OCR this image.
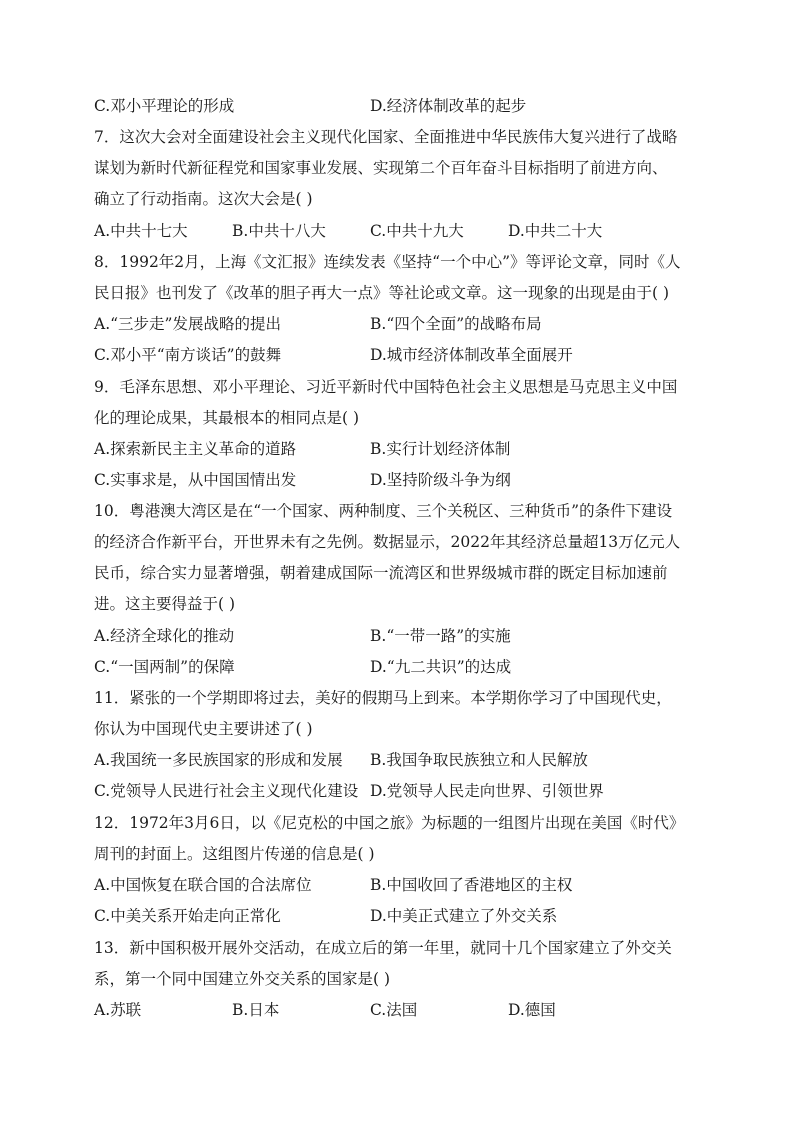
C.邓小平理论的形成	D.经济体制改革的起步
7．这次大会对全面建设社会主义现代化国家、全面推进中华民族伟大复兴进行了战略
谋划为新时代新征程党和国家事业发展、实现第二个百年奋斗目标指明了前进方向、
确立了行动指南。这次大会是( )
A.中共十七大	B.中共十八大	C.中共十九大	D.中共二十大
8．1992年2月，上海《文汇报》连续发表《坚持“一个中心”》等评论文章，同时《人
民日报》也刊发了《改革的胆子再大一点》等社论或文章。这一现象的出现是由于( )
A.“三步走”发展战略的提出	B.“四个全面”的战略布局
C.邓小平“南方谈话”的鼓舞	D.城市经济体制改革全面展开
9．毛泽东思想、邓小平理论、习近平新时代中国特色社会主义思想是马克思主义中国
化的理论成果，其最根本的相同点是( )
A.探索新民主主义革命的道路	B.实行计划经济体制
C.实事求是，从中国国情出发	D.坚持阶级斗争为纲
10．粤港澳大湾区是在“一个国家、两种制度、三个关税区、三种货币”的条件下建设
的经济合作新平台，开世界未有之先例。数据显示，2022年其经济总量超13万亿元人
民币，综合实力显著增强，朝着建成国际一流湾区和世界级城市群的既定目标加速前
进。这主要得益于( )
A.经济全球化的推动	B.“一带一路”的实施
C.“一国两制”的保障	D.“九二共识”的达成
11．紧张的一个学期即将过去，美好的假期马上到来。本学期你学习了中国现代史，
你认为中国现代史主要讲述了( )
A.我国统一多民族国家的形成和发展 B.我国争取民族独立和人民解放
C.党领导人民进行社会主义现代化建设 D.党领导人民走向世界、引领世界
12．1972年3月6日，以《尼克松的中国之旅》为标题的一组图片出现在美国《时代》
周刊的封面上。这组图片传递的信息是( )
A.中国恢复在联合国的合法席位	B.中国收回了香港地区的主权
C.中美关系开始走向正常化	D.中美正式建立了外交关系
13．新中国积极开展外交活动，在成立后的第一年里，就同十几个国家建立了外交关
系，第一个同中国建立外交关系的国家是( )
A.苏联	B.日本	C.法国	D.德国
